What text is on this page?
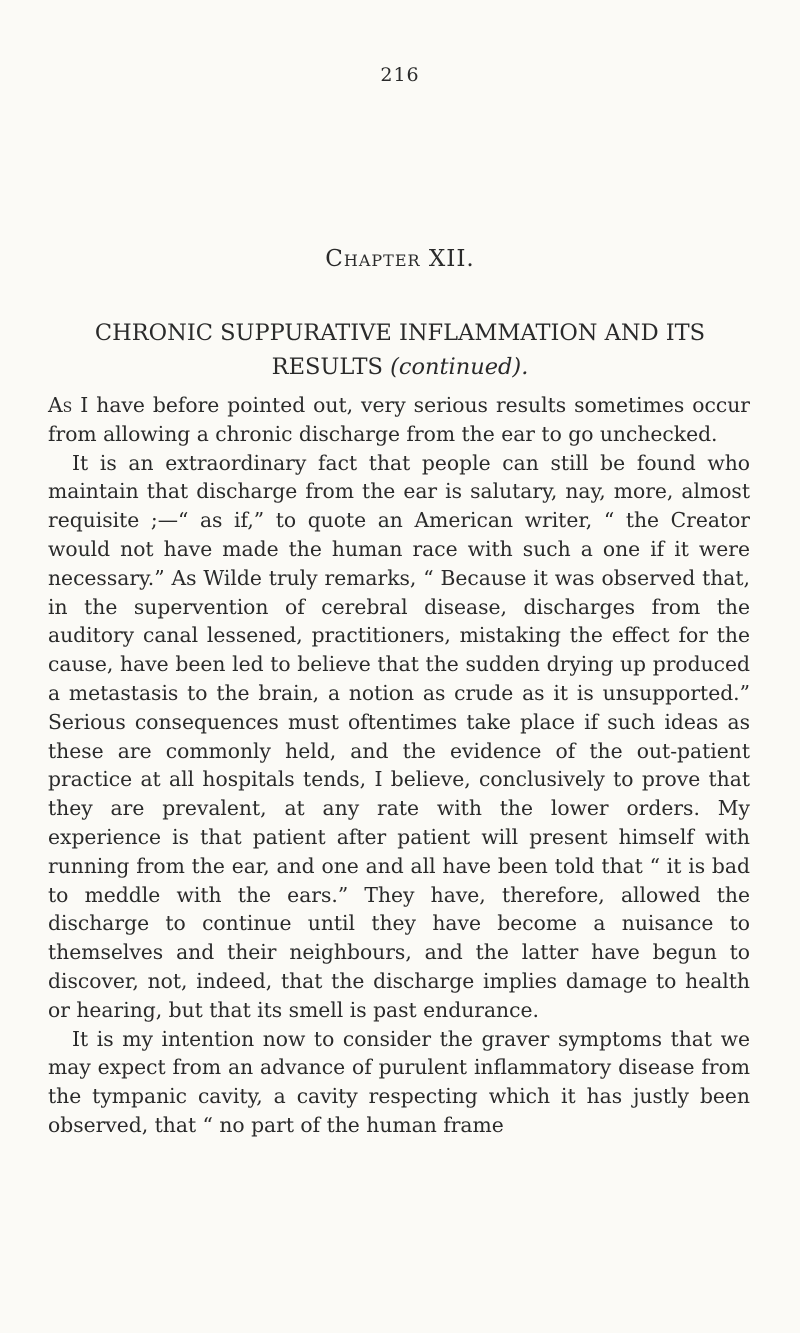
216
Chapter XII.
CHRONIC SUPPURATIVE INFLAMMATION AND ITS RESULTS (continued).

As I have before pointed out, very serious results sometimes occur from allowing a chronic discharge from the ear to go unchecked.

It is an extraordinary fact that people can still be found who maintain that discharge from the ear is salutary, nay, more, almost requisite ;—“ as if,” to quote an American writer, “ the Creator would not have made the human race with such a one if it were necessary.” As Wilde truly remarks, “ Because it was observed that, in the supervention of cerebral disease, discharges from the auditory canal lessened, practitioners, mistaking the effect for the cause, have been led to believe that the sudden drying up produced a metastasis to the brain, a notion as crude as it is unsupported.” Serious consequences must oftentimes take place if such ideas as these are commonly held, and the evidence of the out-patient practice at all hospitals tends, I believe, conclusively to prove that they are prevalent, at any rate with the lower orders. My experience is that patient after patient will present himself with running from the ear, and one and all have been told that “ it is bad to meddle with the ears.” They have, therefore, allowed the discharge to continue until they have become a nuisance to themselves and their neighbours, and the latter have begun to discover, not, indeed, that the discharge implies damage to health or hearing, but that its smell is past endurance.

It is my intention now to consider the graver symptoms that we may expect from an advance of purulent inflammatory disease from the tympanic cavity, a cavity respecting which it has justly been observed, that “ no part of the human frame
